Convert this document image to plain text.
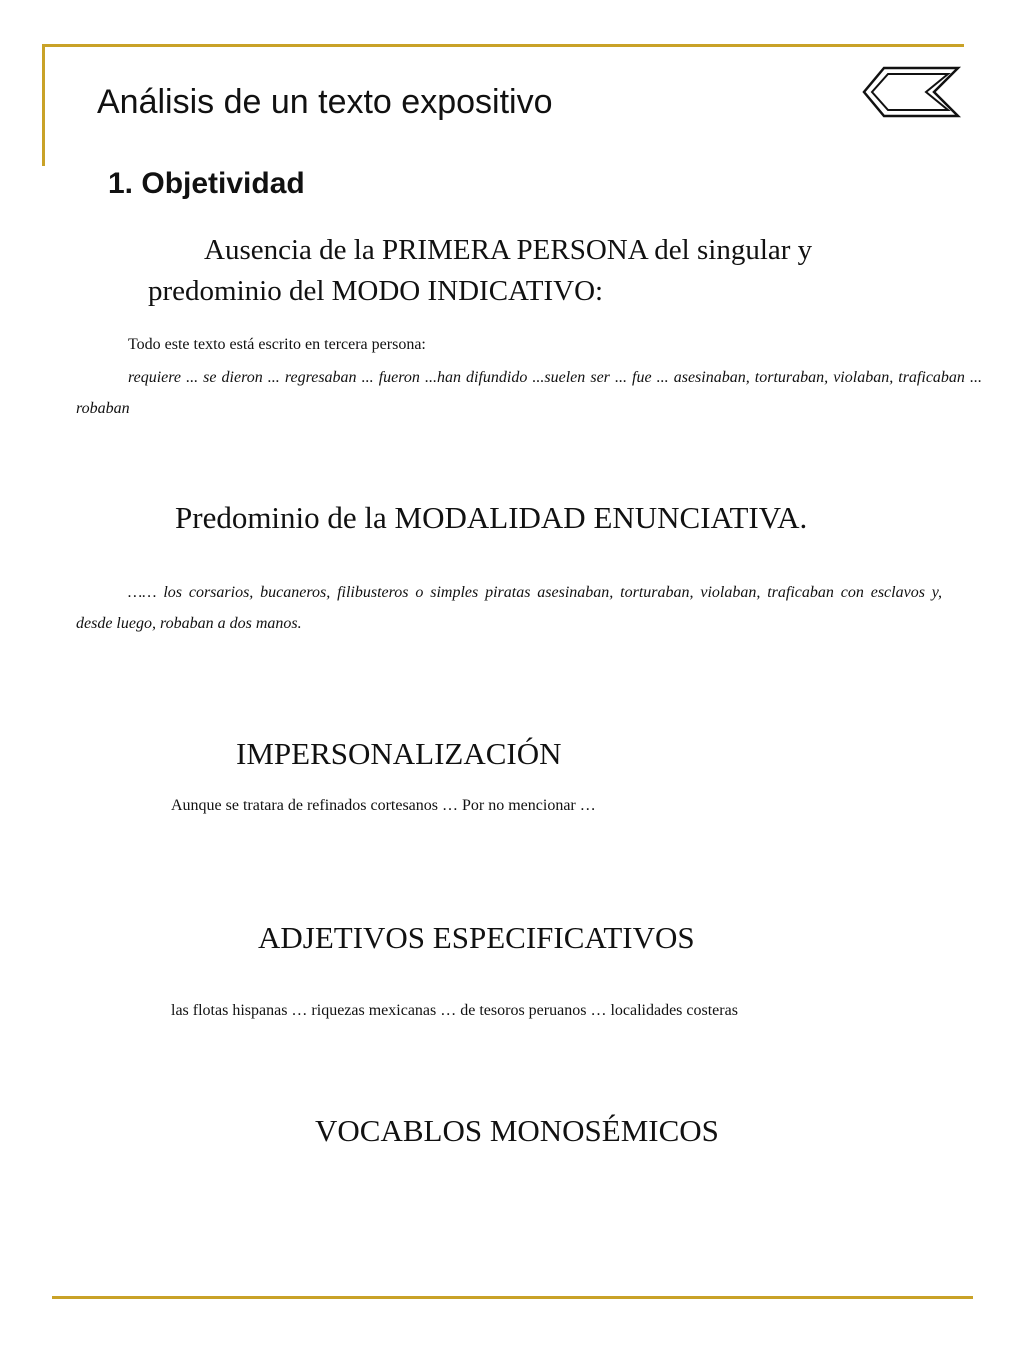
Análisis de un texto expositivo
1. Objetividad

Ausencia de la PRIMERA PERSONA del singular y predominio del MODO INDICATIVO:

Todo este texto está escrito en tercera persona:

requiere ... se dieron ... regresaban ... fueron ...han difundido ...suelen ser ... fue ... asesinaban, torturaban, violaban, traficaban ... robaban

Predominio de la MODALIDAD ENUNCIATIVA.

…… los corsarios, bucaneros, filibusteros o simples piratas asesinaban, torturaban, violaban, traficaban con esclavos y, desde luego, robaban a dos manos.

IMPERSONALIZACIÓN

Aunque se tratara de refinados cortesanos … Por no mencionar …

ADJETIVOS ESPECIFICATIVOS

las flotas hispanas … riquezas mexicanas … de tesoros peruanos … localidades costeras

VOCABLOS MONOSÉMICOS
